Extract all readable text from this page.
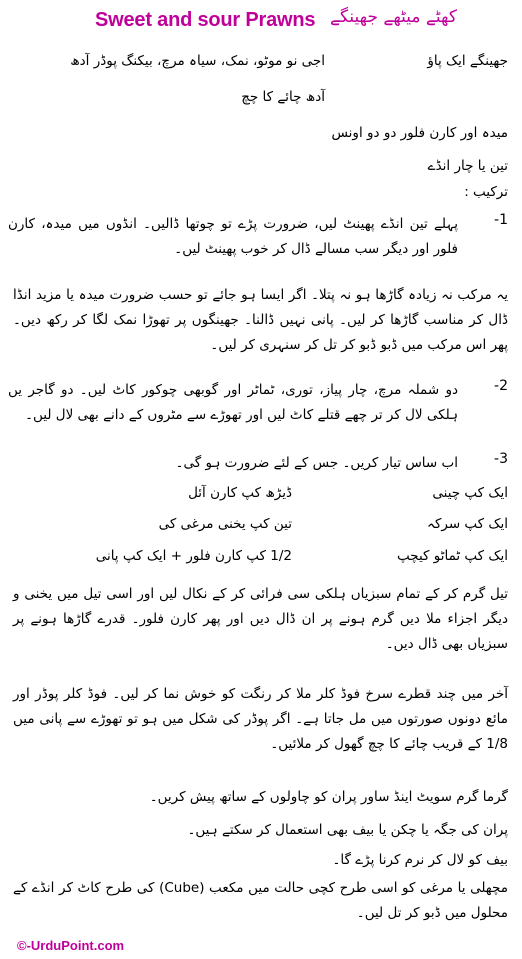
Sweet and sour Prawns کھٹے میٹھے جھینگے
جھینگے ایک پاؤ
اجی نو موٹو، نمک، سیاہ مرچ، بیکنگ پوڈر آدھ
آدھ چائے کا چچ
میدہ اور کارن فلور دو دو اونس
تین یا چار انڈے
ترکیب :
-1
پہلے تین انڈے پھینٹ لیں، ضرورت پڑے تو چوتھا ڈالیں۔ انڈوں میں میدہ، کارن فلور اور دیگر سب مسالے ڈال کر خوب پھینٹ لیں۔
یہ مرکب نہ زیادہ گاڑھا ہو نہ پتلا۔ اگر ایسا ہو جائے تو حسب ضرورت میدہ یا مزید انڈا ڈال کر مناسب گاڑھا کر لیں۔ پانی نہیں ڈالنا۔ جھینگوں پر تھوڑا نمک لگا کر رکھ دیں۔ پھر اس مرکب میں ڈبو ڈبو کر تل کر سنہری کر لیں۔
-2
دو شملہ مرچ، چار پیاز، توری، ٹماٹر اور گوبھی چوکور کاٹ لیں۔ دو گاجر یں ہلکی لال کر تر چھے قتلے کاٹ لیں اور تھوڑے سے مٹروں کے دانے بھی لال لیں۔
-3
اب ساس تیار کریں۔ جس کے لئے ضرورت ہو گی۔
ایک کپ چینی
ڈیڑھ کپ کارن آئل
ایک کپ سرکہ
تین کپ یخنی مرغی کی
ایک کپ ٹماٹو کیچپ
1/2 کپ کارن فلور + ایک کپ پانی
تیل گرم کر کے تمام سبزیاں ہلکی سی فرائی کر کے نکال لیں اور اسی تیل میں یخنی و دیگر اجزاء ملا دیں گرم ہونے پر ان ڈال دیں اور پھر کارن فلور۔ قدرے گاڑھا ہونے پر سبزیاں بھی ڈال دیں۔
آخر میں چند قطرے سرخ فوڈ کلر ملا کر رنگت کو خوش نما کر لیں۔ فوڈ کلر پوڈر اور مائع دونوں صورتوں میں مل جاتا ہے۔ اگر پوڈر کی شکل میں ہو تو تھوڑے سے پانی میں 1/8 کے قریب چائے کا چچ گھول کر ملائیں۔
گرما گرم سویٹ اینڈ ساور پران کو چاولوں کے ساتھ پیش کریں۔
پران کی جگہ یا چکن یا بیف بھی استعمال کر سکتے ہیں۔
بیف کو لال کر نرم کرنا پڑے گا۔
مچھلی یا مرغی کو اسی طرح کچی حالت میں مکعب (Cube) کی طرح کاٹ کر انڈے کے محلول میں ڈبو کر تل لیں۔
©-UrduPoint.com
